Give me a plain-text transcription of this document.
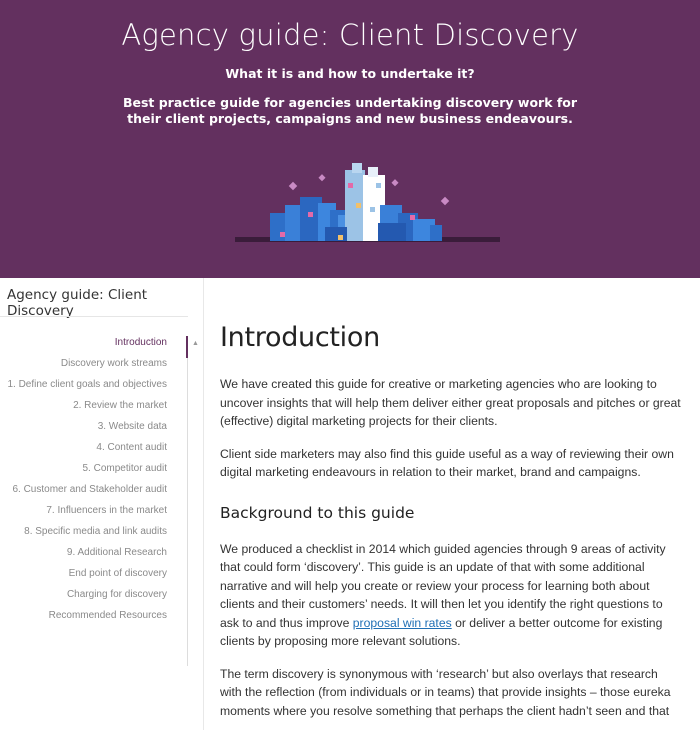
Agency guide: Client Discovery
What it is and how to undertake it?
Best practice guide for agencies undertaking discovery work for their client projects, campaigns and new business endeavours.
Agency guide: Client Discovery
▲
Introduction
Discovery work streams
1. Define client goals and objectives
2. Review the market
3. Website data
4. Content audit
5. Competitor audit
6. Customer and Stakeholder audit
7. Influencers in the market
8. Specific media and link audits
9. Additional Research
End point of discovery
Charging for discovery
Recommended Resources
Introduction

We have created this guide for creative or marketing agencies who are looking to uncover insights that will help them deliver either great proposals and pitches or great (effective) digital marketing projects for their clients.

Client side marketers may also find this guide useful as a way of reviewing their own digital marketing endeavours in relation to their market, brand and campaigns.

Background to this guide

We produced a checklist in 2014 which guided agencies through 9 areas of activity that could form ‘discovery’. This guide is an update of that with some additional narrative and will help you create or review your process for learning both about clients and their customers’ needs. It will then let you identify the right questions to ask to and thus improve proposal win rates or deliver a better outcome for existing clients by proposing more relevant solutions.

The term discovery is synonymous with ‘research’ but also overlays that research with the reflection (from individuals or in teams) that provide insights – those eureka moments where you resolve something that perhaps the client hadn’t seen and that
